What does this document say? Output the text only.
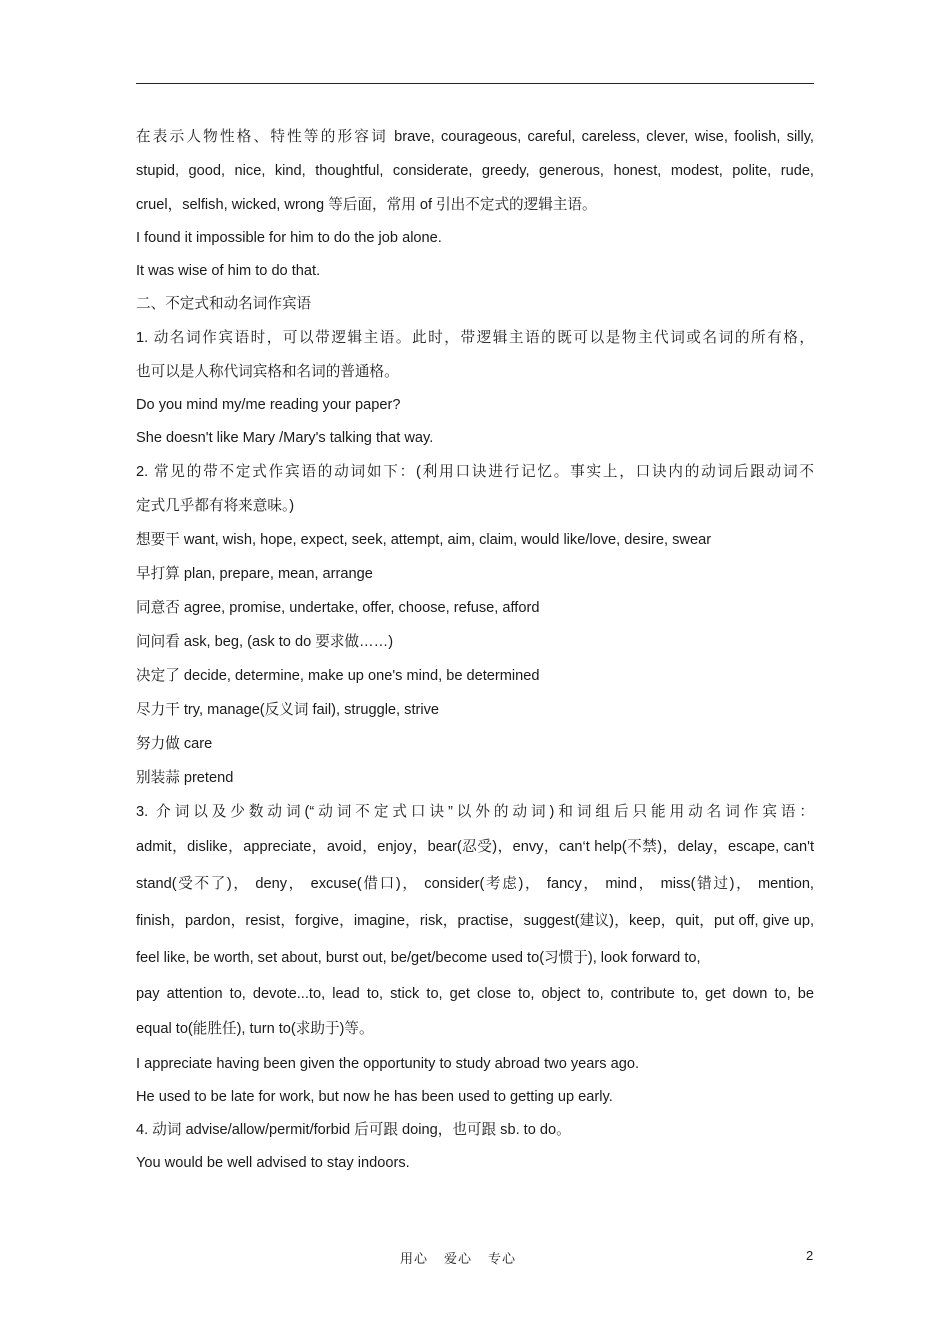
在表示人物性格、特性等的形容词 brave, courageous, careful, careless, clever, wise, foolish, silly,

stupid, good, nice, kind, thoughtful, considerate, greedy, generous, honest, modest, polite, rude,

cruel，selfish, wicked, wrong 等后面，常用 of 引出不定式的逻辑主语。

I found it impossible for him to do the job alone.

It was wise of him to do that.

二、不定式和动名词作宾语

1. 动名词作宾语时，可以带逻辑主语。此时，带逻辑主语的既可以是物主代词或名词的所有格，

也可以是人称代词宾格和名词的普通格。

Do you mind my/me reading your paper?

She doesn't like Mary /Mary's talking that way.

2. 常见的带不定式作宾语的动词如下：(利用口诀进行记忆。事实上，口诀内的动词后跟动词不

定式几乎都有将来意味。)

想要干 want, wish, hope, expect, seek, attempt, aim, claim, would like/love, desire, swear

早打算 plan, prepare, mean, arrange

同意否 agree, promise, undertake, offer, choose, refuse, afford

问问看 ask, beg, (ask to do 要求做……)

决定了 decide, determine, make up one's mind, be determined

尽力干 try, manage(反义词 fail), struggle, strive

努力做 care

别装蒜 pretend

3. 介词以及少数动词(“动词不定式口诀”以外的动词)和词组后只能用动名词作宾语：

admit，dislike，appreciate，avoid，enjoy，bear(忍受)，envy，can‘t help(不禁)，delay，escape, can't

stand(受不了)， deny， excuse(借口)， consider(考虑)， fancy， mind， miss(错过)， mention,

finish，pardon，resist，forgive，imagine，risk，practise，suggest(建议)，keep，quit，put off, give up,

feel like, be worth, set about, burst out, be/get/become used to(习惯于), look forward to,

pay attention to, devote...to, lead to, stick to, get close to, object to, contribute to, get down to, be

equal to(能胜任), turn to(求助于)等。

I appreciate having been given the opportunity to study abroad two years ago.

He used to be late for work, but now he has been used to getting up early.

4. 动词 advise/allow/permit/forbid 后可跟 doing，也可跟 sb. to do。

You would be well advised to stay indoors.

用心 爱心 专心	2
